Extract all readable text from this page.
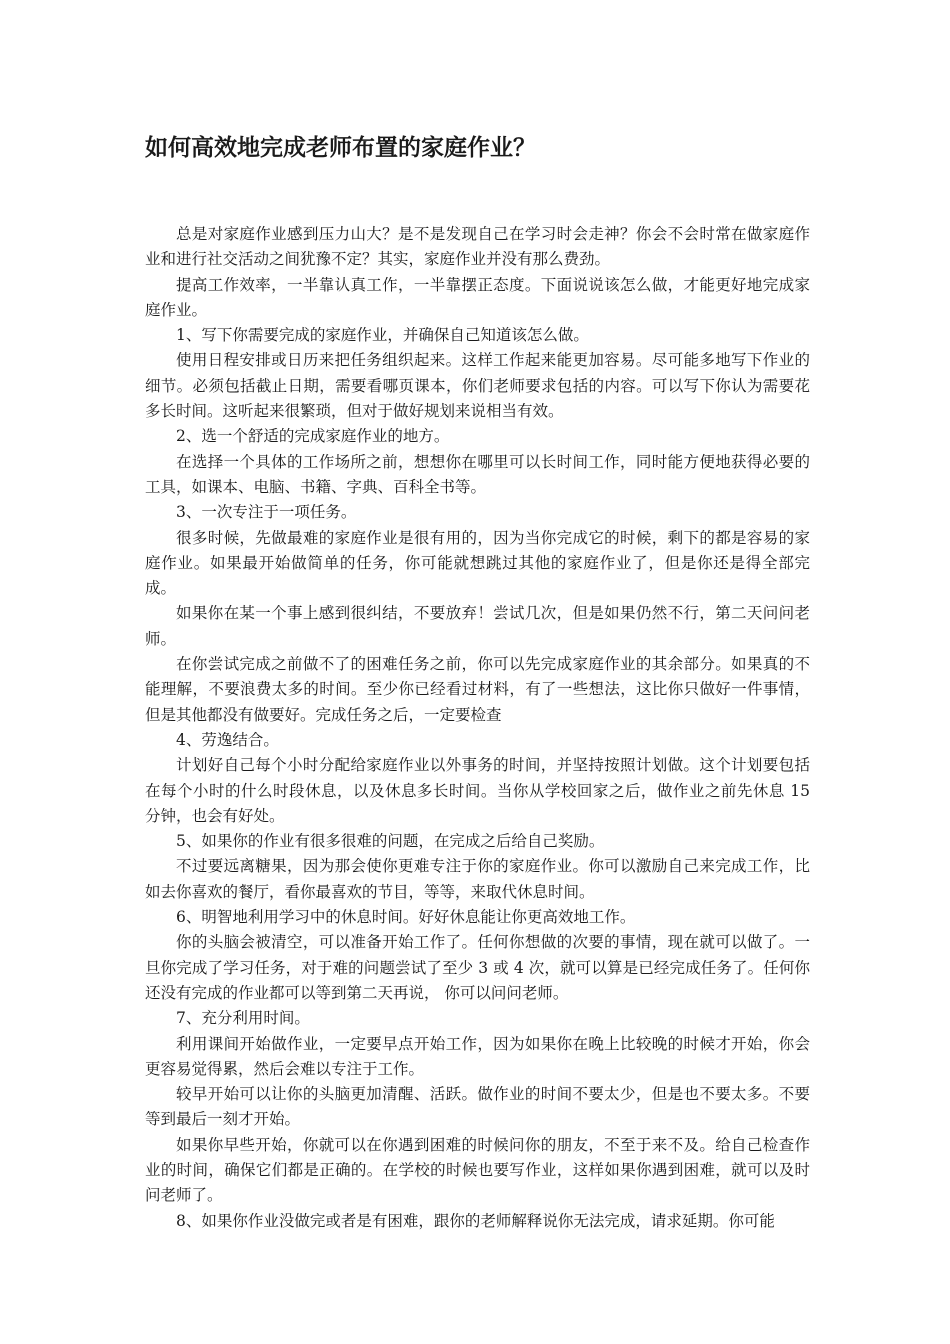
如何高效地完成老师布置的家庭作业？

总是对家庭作业感到压力山大？是不是发现自己在学习时会走神？你会不会时常在做家庭作业和进行社交活动之间犹豫不定？其实，家庭作业并没有那么费劲。

提高工作效率，一半靠认真工作，一半靠摆正态度。下面说说该怎么做，才能更好地完成家庭作业。

1、写下你需要完成的家庭作业，并确保自己知道该怎么做。

使用日程安排或日历来把任务组织起来。这样工作起来能更加容易。尽可能多地写下作业的细节。必须包括截止日期，需要看哪页课本，你们老师要求包括的内容。可以写下你认为需要花多长时间。这听起来很繁琐，但对于做好规划来说相当有效。

2、选一个舒适的完成家庭作业的地方。

在选择一个具体的工作场所之前，想想你在哪里可以长时间工作，同时能方便地获得必要的工具，如课本、电脑、书籍、字典、百科全书等。

3、一次专注于一项任务。

很多时候，先做最难的家庭作业是很有用的，因为当你完成它的时候，剩下的都是容易的家庭作业。如果最开始做简单的任务，你可能就想跳过其他的家庭作业了，但是你还是得全部完成。

如果你在某一个事上感到很纠结，不要放弃！尝试几次，但是如果仍然不行，第二天问问老师。

在你尝试完成之前做不了的困难任务之前，你可以先完成家庭作业的其余部分。如果真的不能理解，不要浪费太多的时间。至少你已经看过材料，有了一些想法，这比你只做好一件事情，但是其他都没有做要好。完成任务之后，一定要检查

4、劳逸结合。

计划好自己每个小时分配给家庭作业以外事务的时间，并坚持按照计划做。这个计划要包括在每个小时的什么时段休息，以及休息多长时间。当你从学校回家之后，做作业之前先休息 15 分钟，也会有好处。

5、如果你的作业有很多很难的问题，在完成之后给自己奖励。

不过要远离糖果，因为那会使你更难专注于你的家庭作业。你可以激励自己来完成工作，比如去你喜欢的餐厅，看你最喜欢的节目，等等，来取代休息时间。

6、明智地利用学习中的休息时间。好好休息能让你更高效地工作。

你的头脑会被清空，可以准备开始工作了。任何你想做的次要的事情，现在就可以做了。一旦你完成了学习任务，对于难的问题尝试了至少 3 或 4 次，就可以算是已经完成任务了。任何你还没有完成的作业都可以等到第二天再说， 你可以问问老师。

7、充分利用时间。

利用课间开始做作业，一定要早点开始工作，因为如果你在晚上比较晚的时候才开始，你会更容易觉得累，然后会难以专注于工作。

较早开始可以让你的头脑更加清醒、活跃。做作业的时间不要太少，但是也不要太多。不要等到最后一刻才开始。

如果你早些开始，你就可以在你遇到困难的时候问你的朋友，不至于来不及。给自己检查作业的时间，确保它们都是正确的。在学校的时候也要写作业，这样如果你遇到困难，就可以及时问老师了。

8、如果你作业没做完或者是有困难，跟你的老师解释说你无法完成，请求延期。你可能
